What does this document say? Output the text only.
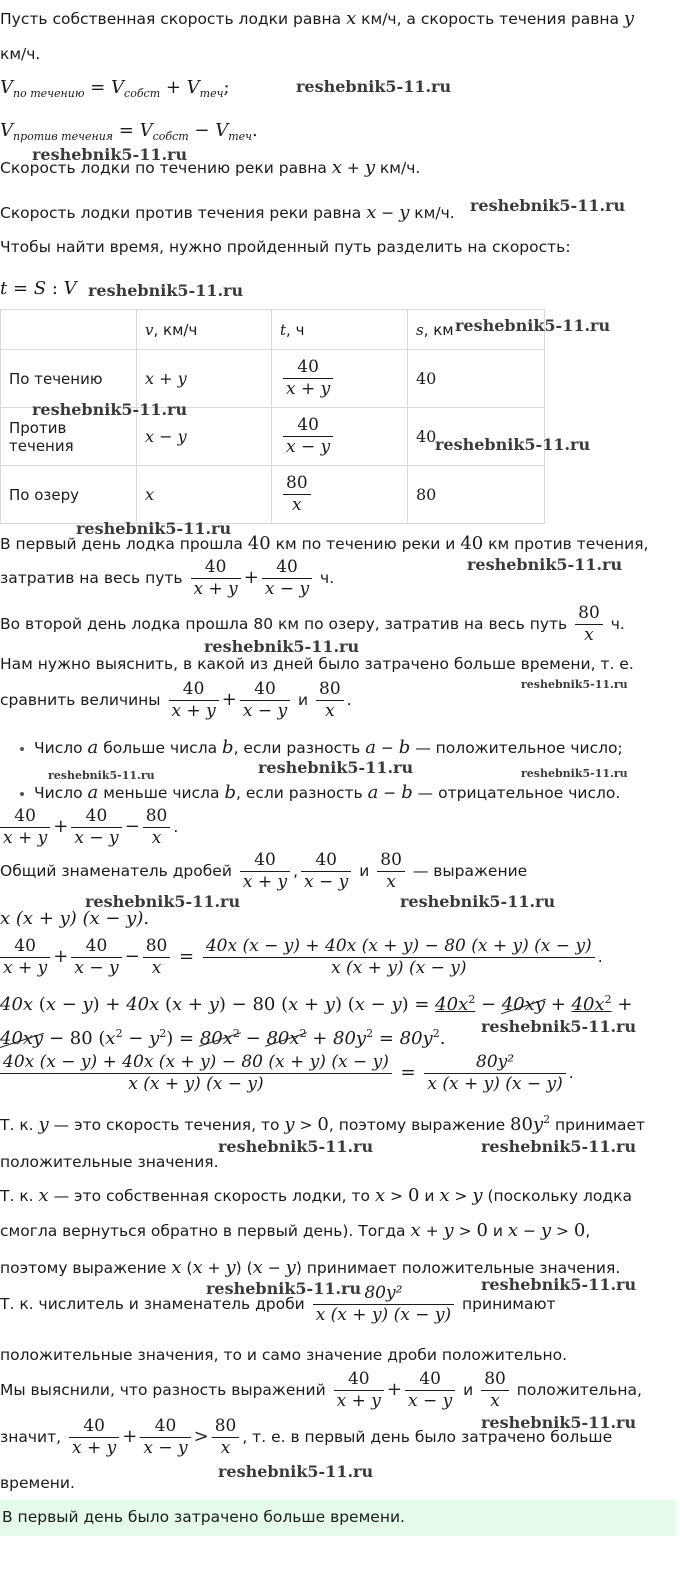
Пусть собственная скорость лодки равна x км/ч, а скорость течения равна y
км/ч.
$V_{по течению} = V_{собст} + V_{теч}$;
$V_{против течения} = V_{собст} - V_{теч}$.
Скорость лодки по течению реки равна x + y км/ч.
Скорость лодки против течения реки равна x − y км/ч.
Чтобы найти время, нужно пройденный путь разделить на скорость:
t = S : V
	v, км/ч	t, ч	s, км
По течению	x + y	$\frac{40}{x + y}$	40
Против течения	x − y	$\frac{40}{x - y}$	40
По озеру	x	$\frac{80}{x}$	80
В первый день лодка прошла 40 км по течению реки и 40 км против течения,
затратив на весь путь $\frac{40}{x + y} + \frac{40}{x - y} ч$.
Во второй день лодка прошла 80 км по озеру, затратив на весь путь $\frac{80}{x} ч$.
Нам нужно выяснить, в какой из дней было затрачено больше времени, т. е.
сравнить величины $\frac{40}{x + y} + \frac{40}{x - y}$ и $\frac{80}{x}$ .
Число a больше числа b, если разность a − b — положительное число;
Число a меньше числа b, если разность a − b — отрицательное число.
$\frac{40}{x + y} + \frac{40}{x - y} - \frac{80}{x}$ .
Общий знаменатель дробей $\frac{40}{x + y}$ , $\frac{40}{x - y}$ и $\frac{80}{x}$ — выражение
x (x + y) (x − y).
$\frac{40}{x + y} + \frac{40}{x - y} - \frac{80}{x} = \frac{40x (x - y) + 40x (x + y) - 80 (x + y) (x - y)}{x (x + y) (x - y)}$ .
40x (x − y) + 40x (x + y) − 80 (x + y) $(x - y) = 40x^2 - 40xy + 40x^2$ +
40xy − 80 $(x^2 - y^2) = 80x^2 - 80x^2 + 80y^2 = 80y^2$.
$\frac{40x (x - y) + 40x (x + y) - 80 (x + y) (x - y)}{x (x + y) (x - y)} = \frac{\text{80y²}}{x (x + y) (x - y)}$ .
Т. к. y — это скорость течения, то y > 0, поэтому выражение $80y^2$ принимает
положительные значения.
Т. к. x — это собственная скорость лодки, то x > 0 и x > y (поскольку лодка
смогла вернуться обратно в первый день). Тогда x + y > 0 и x − y > 0,
поэтому выражение x (x + y) (x − y) принимает положительные значения.
Т. к. числитель и знаменатель дроби $\frac{\text{80y²}}{x (x + y) (x - y)}$ принимают
положительные значения, то и само значение дроби положительно.
Мы выяснили, что разность выражений $\frac{40}{x + y} + \frac{40}{x - y}$ и $\frac{80}{x}$ положительна,
значит, $\frac{40}{x + y} + \frac{40}{x - y} > \frac{80}{x}$ , т. е. в первый день было затрачено больше
времени.
В первый день было затрачено больше времени.
reshebnik5-11.ru
reshebnik5-11.ru
reshebnik5-11.ru
reshebnik5-11.ru
reshebnik5-11.ru
reshebnik5-11.ru
reshebnik5-11.ru
reshebnik5-11.ru
reshebnik5-11.ru
reshebnik5-11.ru
reshebnik5-11.ru
reshebnik5-11.ru	reshebnik5-11.ru	reshebnik5-11.ru
reshebnik5-11.ru	reshebnik5-11.ru
reshebnik5-11.ru
reshebnik5-11.ru	reshebnik5-11.ru
reshebnik5-11.ru	reshebnik5-11.ru
reshebnik5-11.ru
reshebnik5-11.ru
